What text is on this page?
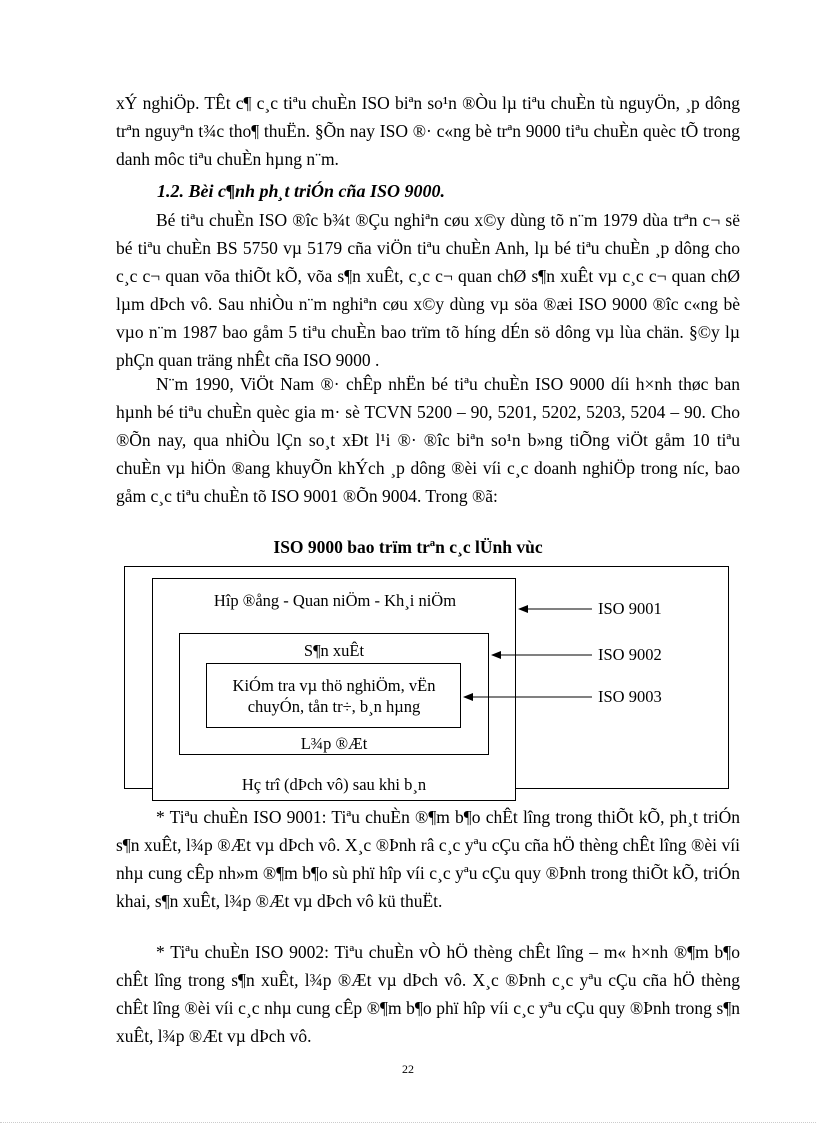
xÝ nghiÖp. TÊt c¶ c¸c tiªu chuÈn ISO biªn so¹n ®Òu lµ tiªu chuÈn tù nguyÖn, ¸p dông trªn nguyªn t¾c tho¶ thuËn. §Õn nay ISO ®· c«ng bè trªn 9000 tiªu chuÈn quèc tÕ trong danh môc tiªu chuÈn hµng n¨m.

1.2. Bèi c¶nh ph¸t triÓn cña ISO 9000.

Bé tiªu chuÈn ISO ®îc b¾t ®Çu nghiªn cøu x©y dùng tõ n¨m 1979 dùa trªn c¬ së bé tiªu chuÈn BS 5750 vµ 5179 cña viÖn tiªu chuÈn Anh, lµ bé tiªu chuÈn ¸p dông cho c¸c c¬ quan võa thiÕt kÕ, võa s¶n xuÊt, c¸c c¬ quan chØ s¶n xuÊt vµ c¸c c¬ quan chØ lµm dÞch vô. Sau nhiÒu n¨m nghiªn cøu x©y dùng vµ söa ®æi ISO 9000 ®îc c«ng bè vµo n¨m 1987 bao gåm 5 tiªu chuÈn bao trïm tõ híng dÉn sö dông vµ lùa chän. §©y lµ phÇn quan träng nhÊt cña ISO 9000 .

N¨m 1990, ViÖt Nam ®· chÊp nhËn bé tiªu chuÈn ISO 9000 díi h×nh thøc ban hµnh bé tiªu chuÈn quèc gia m· sè TCVN 5200 – 90, 5201, 5202, 5203, 5204 – 90. Cho ®Õn nay, qua nhiÒu lÇn so¸t xÐt l¹i ®· ®îc biªn so¹n b»ng tiÕng viÖt gåm 10 tiªu chuÈn vµ hiÖn ®ang khuyÕn khÝch ¸p dông ®èi víi c¸c doanh nghiÖp trong níc, bao gåm c¸c tiªu chuÈn tõ ISO 9001 ®Õn 9004. Trong ®ã:

ISO 9000 bao trïm trªn c¸c lÜnh vùc

Hîp ®ång - Quan niÖm - Kh¸i niÖm
Hç trî (dÞch vô) sau khi b¸n
S¶n xuÊt
L¾p ®Æt
KiÓm tra vµ thö nghiÖm, vËn chuyÓn, tån tr÷, b¸n hµng
ISO 9001
ISO 9002
ISO 9003

* Tiªu chuÈn ISO 9001: Tiªu chuÈn ®¶m b¶o chÊt lîng trong thiÕt kÕ, ph¸t triÓn s¶n xuÊt, l¾p ®Æt vµ dÞch vô. X¸c ®Þnh râ c¸c yªu cÇu cña hÖ thèng chÊt lîng ®èi víi nhµ cung cÊp nh»m ®¶m b¶o sù phï hîp víi c¸c yªu cÇu quy ®Þnh trong thiÕt kÕ, triÓn khai, s¶n xuÊt, l¾p ®Æt vµ dÞch vô kü thuËt.

* Tiªu chuÈn ISO 9002: Tiªu chuÈn vÒ hÖ thèng chÊt lîng – m« h×nh ®¶m b¶o chÊt lîng trong s¶n xuÊt, l¾p ®Æt vµ dÞch vô. X¸c ®Þnh c¸c yªu cÇu cña hÖ thèng chÊt lîng ®èi víi c¸c nhµ cung cÊp ®¶m b¶o phï hîp víi c¸c yªu cÇu quy ®Þnh trong s¶n xuÊt, l¾p ®Æt vµ dÞch vô.

22
